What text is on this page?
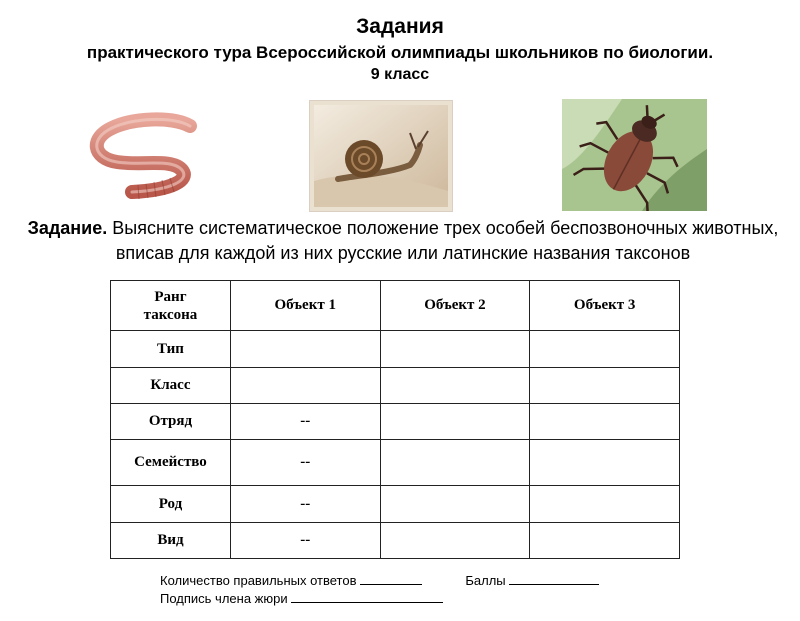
Задания
практического тура Всероссийской олимпиады школьников по биологии.
9 класс
Задание. Выясните систематическое положение трех особей беспозвоночных животных, вписав для каждой из них русские или латинские названия таксонов
Ранг таксона	Объект 1	Объект 2	Объект 3
Тип			
Класс			
Отряд	--		
Семейство	--		
Род	--		
Вид	--		
Количество правильных ответов	Баллы
Подпись члена жюри
